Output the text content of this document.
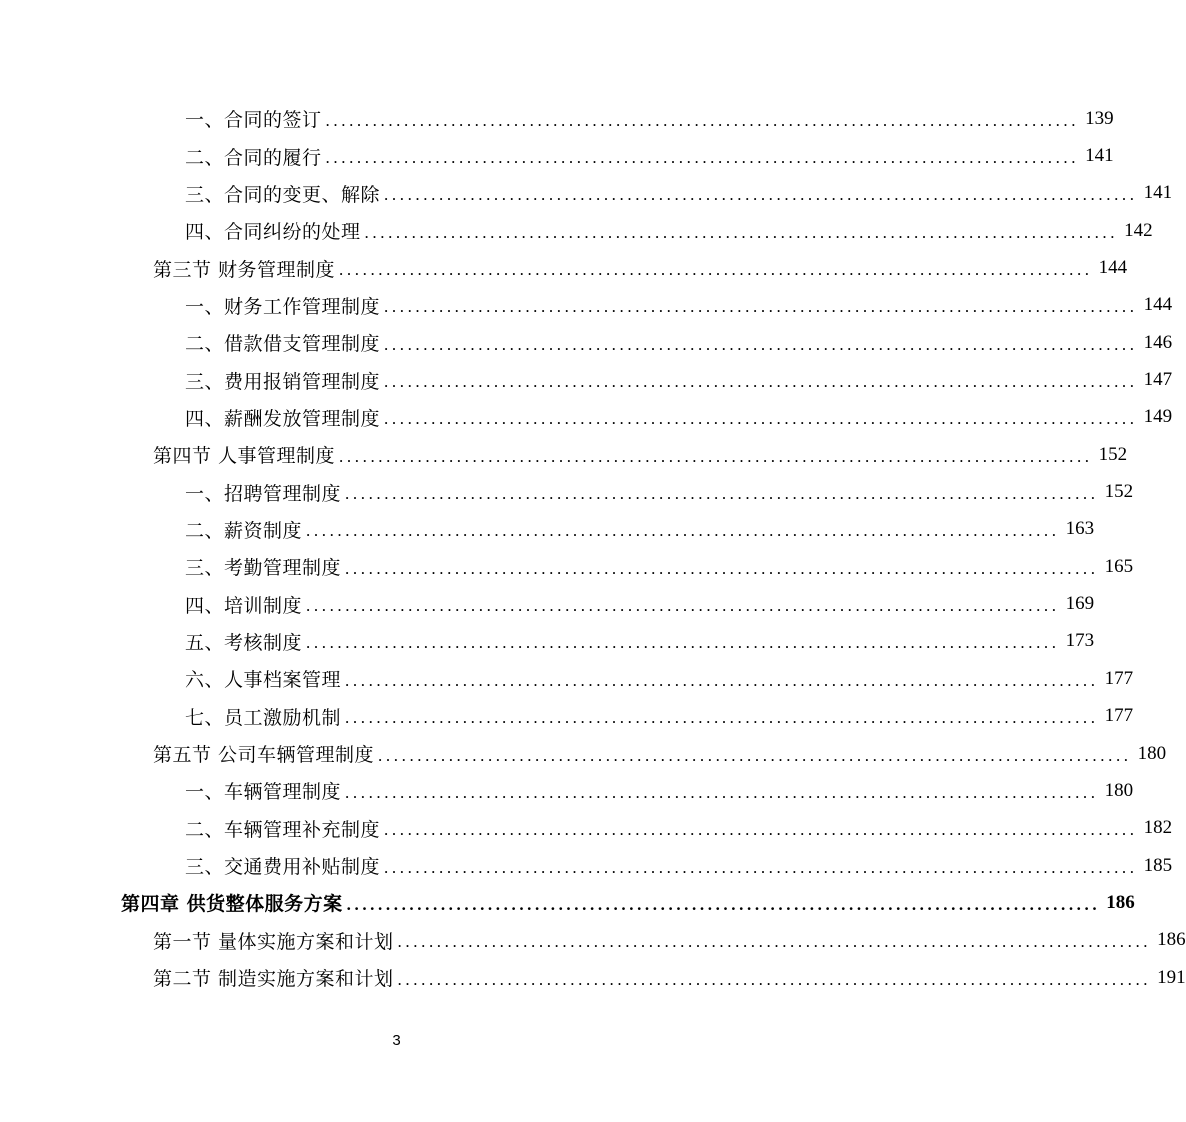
一、合同的签订 ................................................................................................ 139
二、合同的履行 ................................................................................................ 141
三、合同的变更、解除 ................................................................................................ 141
四、合同纠纷的处理 ................................................................................................ 142
第三节 财务管理制度 ................................................................................................ 144
一、财务工作管理制度 ................................................................................................ 144
二、借款借支管理制度 ................................................................................................ 146
三、费用报销管理制度 ................................................................................................ 147
四、薪酬发放管理制度 ................................................................................................ 149
第四节 人事管理制度 ................................................................................................ 152
一、招聘管理制度 ................................................................................................ 152
二、薪资制度 ................................................................................................ 163
三、考勤管理制度 ................................................................................................ 165
四、培训制度 ................................................................................................ 169
五、考核制度 ................................................................................................ 173
六、人事档案管理 ................................................................................................ 177
七、员工激励机制 ................................................................................................ 177
第五节 公司车辆管理制度 ................................................................................................ 180
一、车辆管理制度 ................................................................................................ 180
二、车辆管理补充制度 ................................................................................................ 182
三、交通费用补贴制度 ................................................................................................ 185
第四章 供货整体服务方案 ................................................................................................ 186
第一节 量体实施方案和计划 ................................................................................................ 186
第二节 制造实施方案和计划 ................................................................................................ 191
3
